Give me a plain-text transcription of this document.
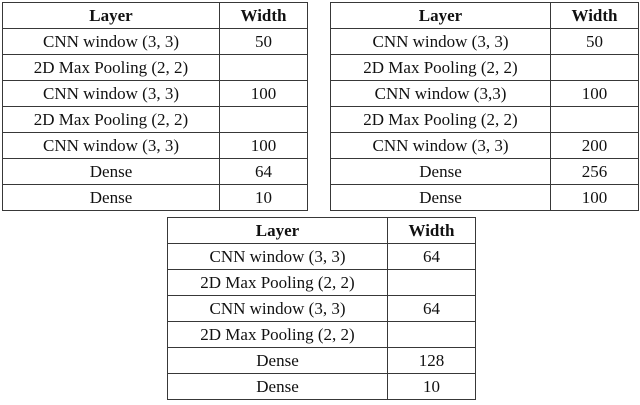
Layer	Width
CNN window (3, 3)	50
2D Max Pooling (2, 2)	
CNN window (3, 3)	100
2D Max Pooling (2, 2)	
CNN window (3, 3)	100
Dense	64
Dense	10
Layer	Width
CNN window (3, 3)	50
2D Max Pooling (2, 2)	
CNN window (3,3)	100
2D Max Pooling (2, 2)	
CNN window (3, 3)	200
Dense	256
Dense	100
Layer	Width
CNN window (3, 3)	64
2D Max Pooling (2, 2)	
CNN window (3, 3)	64
2D Max Pooling (2, 2)	
Dense	128
Dense	10
